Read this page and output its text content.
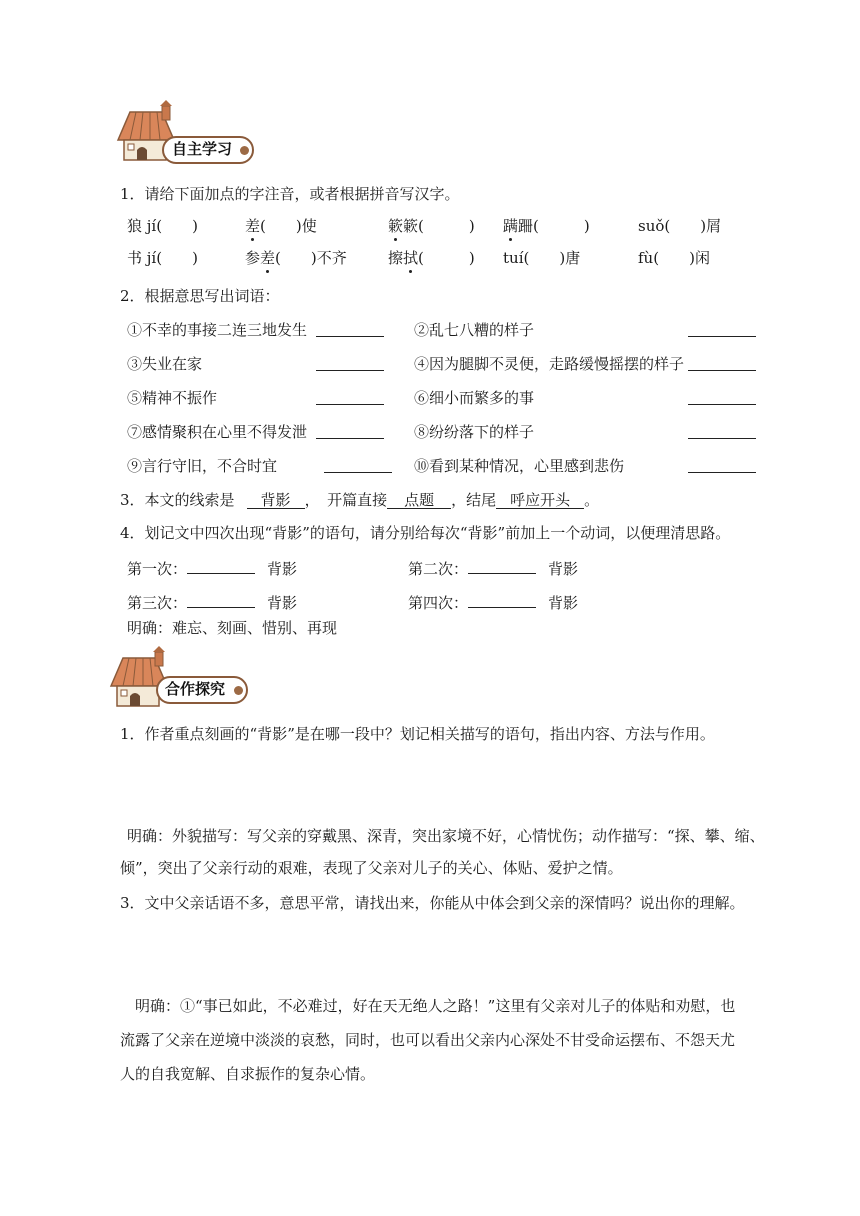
自主学习
1．请给下面加点的字注音，或者根据拼音写汉字。
狼 jí(　　)	差(　　)使	簌簌(　　　) 蹒跚(　　　)	suǒ(　　)屑
书 jí(　　)	参差(　　)不齐	擦拭(　　　) tuí(　　)唐	fù(　　)闲
2．根据意思写出词语：
①不幸的事接二连三地发生	②乱七八糟的样子
③失业在家	④因为腿脚不灵便，走路缓慢摇摆的样子
⑤精神不振作	⑥细小而繁多的事
⑦感情聚积在心里不得发泄	⑧纷纷落下的样子
⑨言行守旧，不合时宜	⑩看到某种情况，心里感到悲伤
3．本文的线索是 背影 ，　开篇直接 点题 ，结尾 呼应开头 。
4．划记文中四次出现“背影”的语句，请分别给每次“背影”前加上一个动词，以便理清思路。
第一次：	背影	第二次：	背影
第三次：	背影	第四次：	背影
明确：难忘、刻画、惜别、再现
合作探究
1．作者重点刻画的“背影”是在哪一段中？划记相关描写的语句，指出内容、方法与作用。
明确：外貌描写：写父亲的穿戴黑、深青，突出家境不好，心情忧伤；动作描写：“探、攀、缩、
倾”，突出了父亲行动的艰难，表现了父亲对儿子的关心、体贴、爱护之情。
3．文中父亲话语不多，意思平常，请找出来，你能从中体会到父亲的深情吗？说出你的理解。
明确：①“事已如此，不必难过，好在天无绝人之路！”这里有父亲对儿子的体贴和劝慰，也
流露了父亲在逆境中淡淡的哀愁，同时，也可以看出父亲内心深处不甘受命运摆布、不怨天尤
人的自我宽解、自求振作的复杂心情。
